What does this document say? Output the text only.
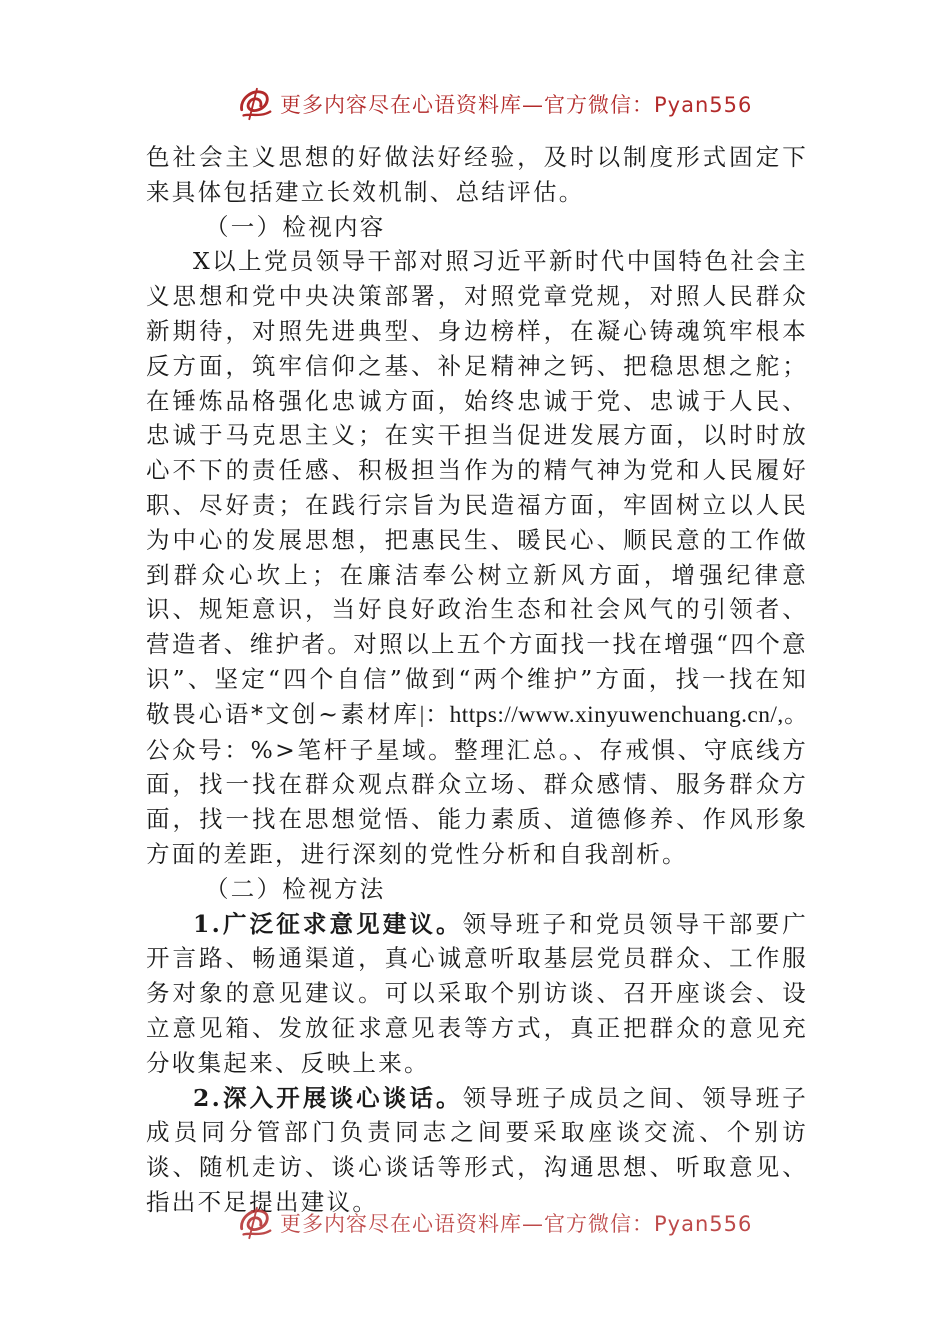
更多内容尽在心语资料库—官方微信：Pyan556

色社会主义思想的好做法好经验，及时以制度形式固定下来具体包括建立长效机制、总结评估。

（一）检视内容

X以上党员领导干部对照习近平新时代中国特色社会主义思想和党中央决策部署，对照党章党规，对照人民群众新期待，对照先进典型、身边榜样，在凝心铸魂筑牢根本反方面，筑牢信仰之基、补足精神之钙、把稳思想之舵；在锤炼品格强化忠诚方面，始终忠诚于党、忠诚于人民、忠诚于马克思主义；在实干担当促进发展方面，以时时放心不下的责任感、积极担当作为的精气神为党和人民履好职、尽好责；在践行宗旨为民造福方面，牢固树立以人民为中心的发展思想，把惠民生、暖民心、顺民意的工作做到群众心坎上；在廉洁奉公树立新风方面，增强纪律意识、规矩意识，当好良好政治生态和社会风气的引领者、营造者、维护者。对照以上五个方面找一找在增强“四个意识”、坚定“四个自信”做到“两个维护”方面，找一找在知敬畏心语*文创~素材库|：https://www.xinyuwenchuang.cn/,。公众号：%>笔杆子星域。整理汇总。、存戒惧、守底线方面，找一找在群众观点群众立场、群众感情、服务群众方面，找一找在思想觉悟、能力素质、道德修养、作风形象方面的差距，进行深刻的党性分析和自我剖析。

（二）检视方法

1.广泛征求意见建议。领导班子和党员领导干部要广开言路、畅通渠道，真心诚意听取基层党员群众、工作服务对象的意见建议。可以采取个别访谈、召开座谈会、设立意见箱、发放征求意见表等方式，真正把群众的意见充分收集起来、反映上来。

2.深入开展谈心谈话。领导班子成员之间、领导班子成员同分管部门负责同志之间要采取座谈交流、个别访谈、随机走访、谈心谈话等形式，沟通思想、听取意见、指出不足提出建议。

更多内容尽在心语资料库—官方微信：Pyan556
